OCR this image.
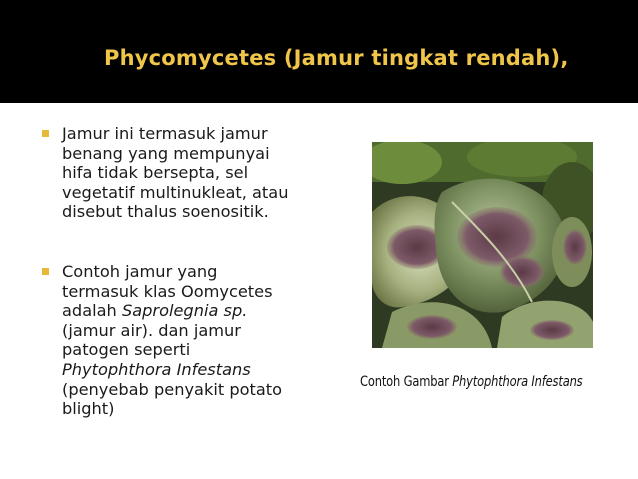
Phycomycetes (Jamur tingkat rendah),
Jamur ini termasuk jamur
benang yang mempunyai
hifa tidak bersepta, sel
vegetatif multinukleat, atau
disebut thalus soenositik.
Contoh jamur yang
termasuk klas Oomycetes
adalah Saprolegnia sp.
(jamur air). dan jamur
patogen seperti
Phytophthora Infestans
(penyebab penyakit potato
blight)
Contoh Gambar Phytophthora Infestans
